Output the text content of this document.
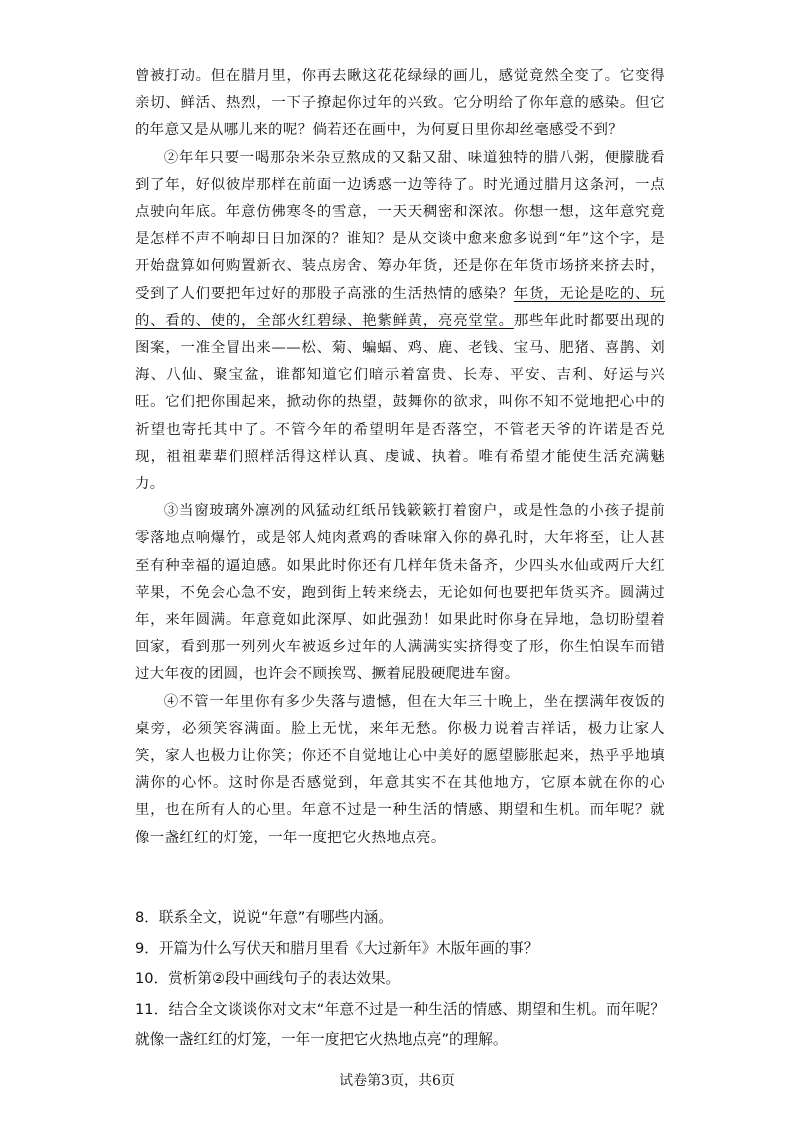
曾被打动。但在腊月里，你再去瞅这花花绿绿的画儿，感觉竟然全变了。它变得亲切、鲜活、热烈，一下子撩起你过年的兴致。它分明给了你年意的感染。但它的年意又是从哪儿来的呢？倘若还在画中，为何夏日里你却丝毫感受不到？

②年年只要一喝那杂米杂豆熬成的又黏又甜、味道独特的腊八粥，便朦胧看到了年，好似彼岸那样在前面一边诱惑一边等待了。时光通过腊月这条河，一点点驶向年底。年意仿佛寒冬的雪意，一天天稠密和深浓。你想一想，这年意究竟是怎样不声不响却日日加深的？谁知？是从交谈中愈来愈多说到“年”这个字，是开始盘算如何购置新衣、装点房舍、筹办年货，还是你在年货市场挤来挤去时，受到了人们要把年过好的那股子高涨的生活热情的感染？年货，无论是吃的、玩的、看的、使的，全部火红碧绿、艳紫鲜黄，亮亮堂堂。那些年此时都要出现的图案，一准全冒出来——松、菊、蝙蝠、鸡、鹿、老钱、宝马、肥猪、喜鹊、刘海、八仙、聚宝盆，谁都知道它们暗示着富贵、长寿、平安、吉利、好运与兴旺。它们把你围起来，掀动你的热望，鼓舞你的欲求，叫你不知不觉地把心中的祈望也寄托其中了。不管今年的希望明年是否落空，不管老天爷的许诺是否兑现，祖祖辈辈们照样活得这样认真、虔诚、执着。唯有希望才能使生活充满魅力。

③当窗玻璃外凛冽的风猛动红纸吊钱簌簌打着窗户，或是性急的小孩子提前零落地点响爆竹，或是邻人炖肉煮鸡的香味窜入你的鼻孔时，大年将至，让人甚至有种幸福的逼迫感。如果此时你还有几样年货未备齐，少四头水仙或两斤大红苹果，不免会心急不安，跑到街上转来绕去，无论如何也要把年货买齐。圆满过年，来年圆满。年意竟如此深厚、如此强劲！如果此时你身在异地，急切盼望着回家，看到那一列列火车被返乡过年的人满满实实挤得变了形，你生怕误车而错过大年夜的团圆，也许会不顾挨骂、撅着屁股硬爬进车窗。

④不管一年里你有多少失落与遗憾，但在大年三十晚上，坐在摆满年夜饭的桌旁，必须笑容满面。脸上无忧，来年无愁。你极力说着吉祥话，极力让家人笑，家人也极力让你笑；你还不自觉地让心中美好的愿望膨胀起来，热乎乎地填满你的心怀。这时你是否感觉到，年意其实不在其他地方，它原本就在你的心里，也在所有人的心里。年意不过是一种生活的情感、期望和生机。而年呢？就像一盏红红的灯笼，一年一度把它火热地点亮。

8．联系全文，说说“年意”有哪些内涵。

9．开篇为什么写伏天和腊月里看《大过新年》木版年画的事？

10．赏析第②段中画线句子的表达效果。

11．结合全文谈谈你对文末“年意不过是一种生活的情感、期望和生机。而年呢？就像一盏红红的灯笼，一年一度把它火热地点亮”的理解。

试卷第3页，共6页
